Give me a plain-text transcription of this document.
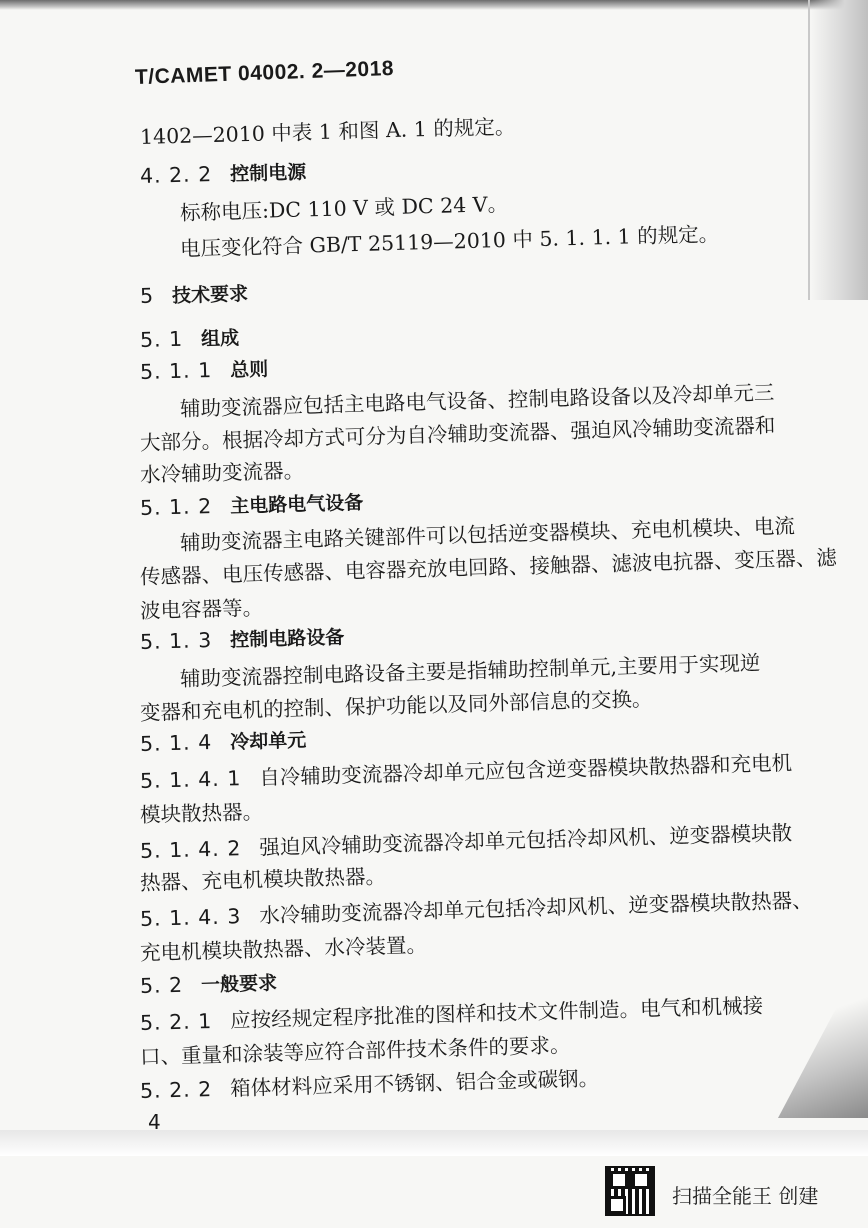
T/CAMET 04002. 2—2018
1402—2010 中表 1 和图 A. 1 的规定。
4. 2. 2 控制电源
标称电压:DC 110 V 或 DC 24 V。
电压变化符合 GB/T 25119—2010 中 5. 1. 1. 1 的规定。
5 技术要求
5. 1 组成
5. 1. 1 总则
辅助变流器应包括主电路电气设备、控制电路设备以及冷却单元三
大部分。根据冷却方式可分为自冷辅助变流器、强迫风冷辅助变流器和
水冷辅助变流器。
5. 1. 2 主电路电气设备
辅助变流器主电路关键部件可以包括逆变器模块、充电机模块、电流
传感器、电压传感器、电容器充放电回路、接触器、滤波电抗器、变压器、滤
波电容器等。
5. 1. 3 控制电路设备
辅助变流器控制电路设备主要是指辅助控制单元,主要用于实现逆
变器和充电机的控制、保护功能以及同外部信息的交换。
5. 1. 4 冷却单元
5. 1. 4. 1 自冷辅助变流器冷却单元应包含逆变器模块散热器和充电机
模块散热器。
5. 1. 4. 2 强迫风冷辅助变流器冷却单元包括冷却风机、逆变器模块散
热器、充电机模块散热器。
5. 1. 4. 3 水冷辅助变流器冷却单元包括冷却风机、逆变器模块散热器、
充电机模块散热器、水冷装置。
5. 2 一般要求
5. 2. 1 应按经规定程序批准的图样和技术文件制造。电气和机械接
口、重量和涂装等应符合部件技术条件的要求。
5. 2. 2 箱体材料应采用不锈钢、铝合金或碳钢。
4
扫描全能王 创建
